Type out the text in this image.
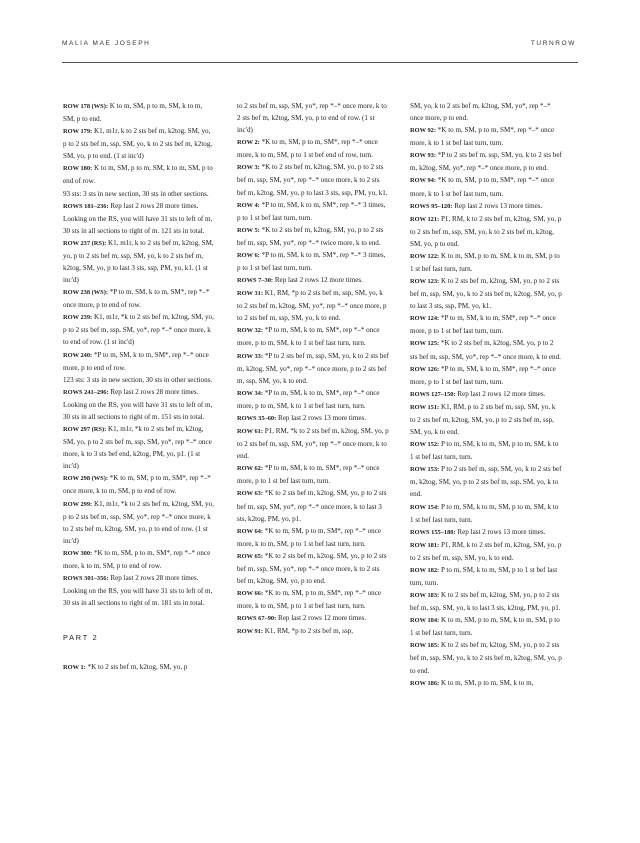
MALIA MAE JOSEPH	TURNROW

ROW 178 (WS): K to m, SM, p to m, SM, k to m, SM, p to end.

ROW 179: K1, m1r, k to 2 sts bef m, k2tog, SM, yo, p to 2 sts bef m, ssp, SM, yo, k to 2 sts bef m, k2tog, SM, yo, p to end. (1 st inc'd)

ROW 180: K to m, SM, p to m, SM, k to m, SM, p to end of row.

93 sts: 3 sts in new section, 30 sts in other sections.

ROWS 181–236: Rep last 2 rows 28 more times.

Looking on the RS, you will have 31 sts to left of m, 30 sts in all sections to right of m. 121 sts in total.

ROW 237 (RS): K1, m1r, k to 2 sts bef m, k2tog, SM, yo, p to 2 sts bef m, ssp, SM, yo, k to 2 sts bef m, k2tog, SM, yo, p to last 3 sts, ssp, PM, yo, k1. (1 st inc'd)

ROW 238 (WS): *P to m, SM, k to m, SM*, rep *–* once more, p to end of row.

ROW 239: K1, m1r, *k to 2 sts bef m, k2tog, SM, yo, p to 2 sts bef m, ssp, SM, yo*, rep *–* once more, k to end of row. (1 st inc'd)

ROW 240: *P to m, SM, k to m, SM*, rep *–* once more, p to end of row.

123 sts: 3 sts in new section, 30 sts in other sections.

ROWS 241–296: Rep last 2 rows 28 more times.

Looking on the RS, you will have 31 sts to left of m, 30 sts in all sections to right of m. 151 sts in total.

ROW 297 (RS): K1, m1r, *k to 2 sts bef m, k2tog, SM, yo, p to 2 sts bef m, ssp, SM, yo*, rep *–* once more, k to 3 sts bef end, k2tog, PM, yo, p1. (1 st inc'd)

ROW 298 (WS): *K to m, SM, p to m, SM*, rep *–* once more, k to m, SM, p to end of row.

ROW 299: K1, m1r, *k to 2 sts bef m, k2tog, SM, yo, p to 2 sts bef m, ssp, SM, yo*, rep *–* once more, k to 2 sts bef m, k2tog, SM, yo, p to end of row. (1 st inc'd)

ROW 300: *K to m, SM, p to m, SM*, rep *–* once more, k to m, SM, p to end of row.

ROWS 301–356: Rep last 2 rows 28 more times.

Looking on the RS, you will have 31 sts to left of m, 30 sts in all sections to right of m. 181 sts in total.

PART 2

ROW 1: *K to 2 sts bef m, k2tog, SM, yo, p

to 2 sts bef m, ssp, SM, yo*, rep *–* once more, k to 2 sts bef m, k2tog, SM, yo, p to end of row. (1 st inc'd)

ROW 2: *K to m, SM, p to m, SM*, rep *–* once more, k to m, SM, p to 1 st bef end of row, turn.

ROW 3: *K to 2 sts bef m, k2tog, SM, yo, p to 2 sts bef m, ssp, SM, yo*, rep *–* once more, k to 2 sts bef m, k2tog, SM, yo, p to last 3 sts, ssp, PM, yo, k1.

ROW 4: *P to m, SM, k to m, SM*, rep *–* 3 times, p to 1 st bef last turn, turn.

ROW 5: *K to 2 sts bef m, k2tog, SM, yo, p to 2 sts bef m, ssp, SM, yo*, rep *–* twice more, k to end.

ROW 6: *P to m, SM, k to m, SM*, rep *–* 3 times, p to 1 st bef last turn, turn.

ROWS 7–30: Rep last 2 rows 12 more times.

ROW 31: K1, RM, *p to 2 sts bef m, ssp, SM, yo, k to 2 sts bef m, k2tog, SM, yo*, rep *–* once more, p to 2 sts bef m, ssp, SM, yo, k to end.

ROW 32: *P to m, SM, k to m, SM*, rep *–* once more, p to m, SM, k to 1 st bef last turn, turn.

ROW 33: *P to 2 sts bef m, ssp, SM, yo, k to 2 sts bef m, k2tog, SM, yo*, rep *–* once more, p to 2 sts bef m, ssp, SM, yo, k to end.

ROW 34: *P to m, SM, k to m, SM*, rep *–* once more, p to m, SM, k to 1 st bef last turn, turn.

ROWS 35–60: Rep last 2 rows 13 more times.

ROW 61: P1, RM, *k to 2 sts bef m, k2tog, SM, yo, p to 2 sts bef m, ssp, SM, yo*, rep *–* once more, k to end.

ROW 62: *P to m, SM, k to m, SM*, rep *–* once more, p to 1 st bef last turn, turn.

ROW 63: *K to 2 sts bef m, k2tog, SM, yo, p to 2 sts bef m, ssp, SM, yo*, rep *–* once more, k to last 3 sts, k2tog, PM, yo, p1.

ROW 64: *K to m, SM, p to m, SM*, rep *–* once more, k to m, SM, p to 1 st bef last turn, turn.

ROW 65: *K to 2 sts bef m, k2tog, SM, yo, p to 2 sts bef m, ssp, SM, yo*, rep *–* once more, k to 2 sts bef m, k2tog, SM, yo, p to end.

ROW 66: *K to m, SM, p to m, SM*, rep *–* once more, k to m, SM, p to 1 st bef last turn, turn.

ROWS 67–90: Rep last 2 rows 12 more times.

ROW 91: K1, RM, *p to 2 sts bef m, ssp,

SM, yo, k to 2 sts bef m, k2tog, SM, yo*, rep *–* once more, p to end.

ROW 92: *K to m, SM, p to m, SM*, rep *–* once more, k to 1 st bef last turn, turn.

ROW 93: *P to 2 sts bef m, ssp, SM, yo, k to 2 sts bef m, k2tog, SM, yo*, rep *–* once more, p to end.

ROW 94: *K to m, SM, p to m, SM*, rep *–* once more, k to 1 st bef last turn, turn.

ROWS 95–120: Rep last 2 rows 13 more times.

ROW 121: P1, RM, k to 2 sts bef m, k2tog, SM, yo, p to 2 sts bef m, ssp, SM, yo, k to 2 sts bef m, k2tog, SM, yo, p to end.

ROW 122: K to m, SM, p to m, SM, k to m, SM, p to 1 st bef last turn, turn.

ROW 123: K to 2 sts bef m, k2tog, SM, yo, p to 2 sts bef m, ssp, SM, yo, k to 2 sts bef m, k2tog, SM, yo, p to last 3 sts, ssp, PM, yo, k1.

ROW 124: *P to m, SM, k to m, SM*, rep *–* once more, p to 1 st bef last turn, turn.

ROW 125: *K to 2 sts bef m, k2tog, SM, yo, p to 2 sts bef m, ssp, SM, yo*, rep *–* once more, k to end.

ROW 126: *P to m, SM, k to m, SM*, rep *–* once more, p to 1 st bef last turn, turn.

ROWS 127–150: Rep last 2 rows 12 more times.

ROW 151: K1, RM, p to 2 sts bef m, ssp, SM, yo, k to 2 sts bef m, k2tog, SM, yo, p to 2 sts bef m, ssp, SM, yo, k to end.

ROW 152: P to m, SM, k to m, SM, p to m, SM, k to 1 st bef last turn, turn.

ROW 153: P to 2 sts bef m, ssp, SM, yo, k to 2 sts bef m, k2tog, SM, yo, p to 2 sts bef m, ssp, SM, yo, k to end.

ROW 154: P to m, SM, k to m, SM, p to m, SM, k to 1 st bef last turn, turn.

ROWS 155–180: Rep last 2 rows 13 more times.

ROW 181: P1, RM, k to 2 sts bef m, k2tog, SM, yo, p to 2 sts bef m, ssp, SM, yo, k to end.

ROW 182: P to m, SM, k to m, SM, p to 1 st bef last turn, turn.

ROW 183: K to 2 sts bef m, k2tog, SM, yo, p to 2 sts bef m, ssp, SM, yo, k to last 3 sts, k2tog, PM, yo, p1.

ROW 184: K to m, SM, p to m, SM, k to m, SM, p to 1 st bef last turn, turn.

ROW 185: K to 2 sts bef m, k2tog, SM, yo, p to 2 sts bef m, ssp, SM, yo, k to 2 sts bef m, k2tog, SM, yo, p to end.

ROW 186: K to m, SM, p to m, SM, k to m,
